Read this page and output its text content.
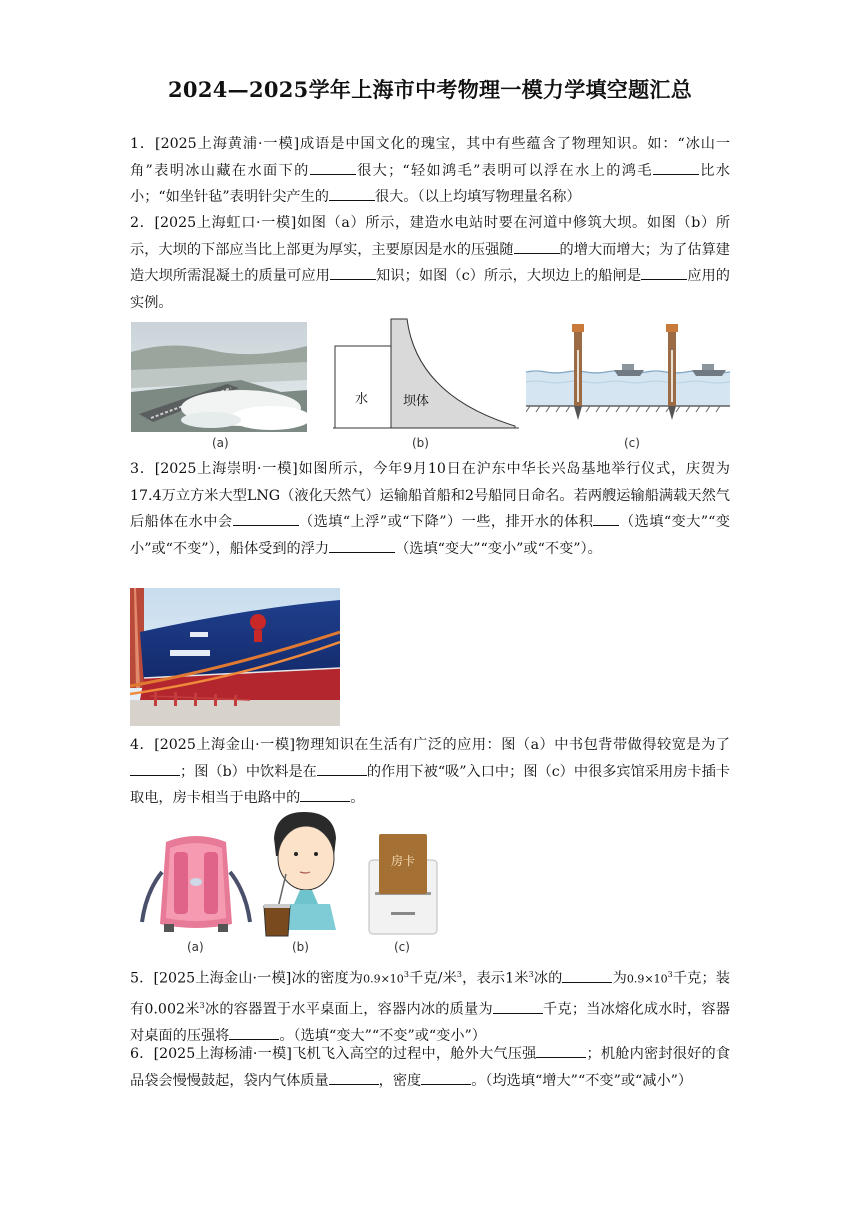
2024—2025学年上海市中考物理一模力学填空题汇总
1．[2025上海黄浦·一模]成语是中国文化的瑰宝，其中有些蕴含了物理知识。如：“冰山一角”表明冰山藏在水面下的	很大；“轻如鸿毛”表明可以浮在水上的鸿毛	比水小；“如坐针毡”表明针尖产生的	很大。（以上均填写物理量名称）
2．[2025上海虹口·一模]如图（a）所示，建造水电站时要在河道中修筑大坝。如图（b）所示，大坝的下部应当比上部更为厚实，主要原因是水的压强随	的增大而增大；为了估算建造大坝所需混凝土的质量可应用	知识；如图（c）所示，大坝边上的船闸是	应用的实例。
(a)
水	坝体
(b)	(c)
3．[2025上海崇明·一模]如图所示，今年9月10日在沪东中华长兴岛基地举行仪式，庆贺为17.4万立方米大型LNG（液化天然气）运输船首船和2号船同日命名。若两艘运输船满载天然气后船体在水中会	（选填“上浮”或“下降”）一些，排开水的体积 （选填“变大”“变小”或“不变”），船体受到的浮力	（选填“变大”“变小”或“不变”）。
4．[2025上海金山·一模]物理知识在生活有广泛的应用：图（a）中书包背带做得较宽是为了；图（b）中饮料是在	的作用下被“吸”入口中；图（c）中很多宾馆采用房卡插卡取电，房卡相当于电路中的	。
(a)	(b)
房卡
(c)
5．[2025上海金山·一模]冰的密度为$0.9\times 10^3$千克/米$^3$，表示1米$^3$冰的	为$0.9\times 10^3$千克；装有0.002米$^3$冰的容器置于水平桌面上，容器内冰的质量为	千克；当冰熔化成水时，容器对桌面的压强将	。（选填“变大”“不变”或“变小”）
6．[2025上海杨浦·一模]飞机飞入高空的过程中，舱外大气压强	；机舱内密封很好的食品袋会慢慢鼓起，袋内气体质量	，密度	。（均选填“增大”“不变”或“减小”）
